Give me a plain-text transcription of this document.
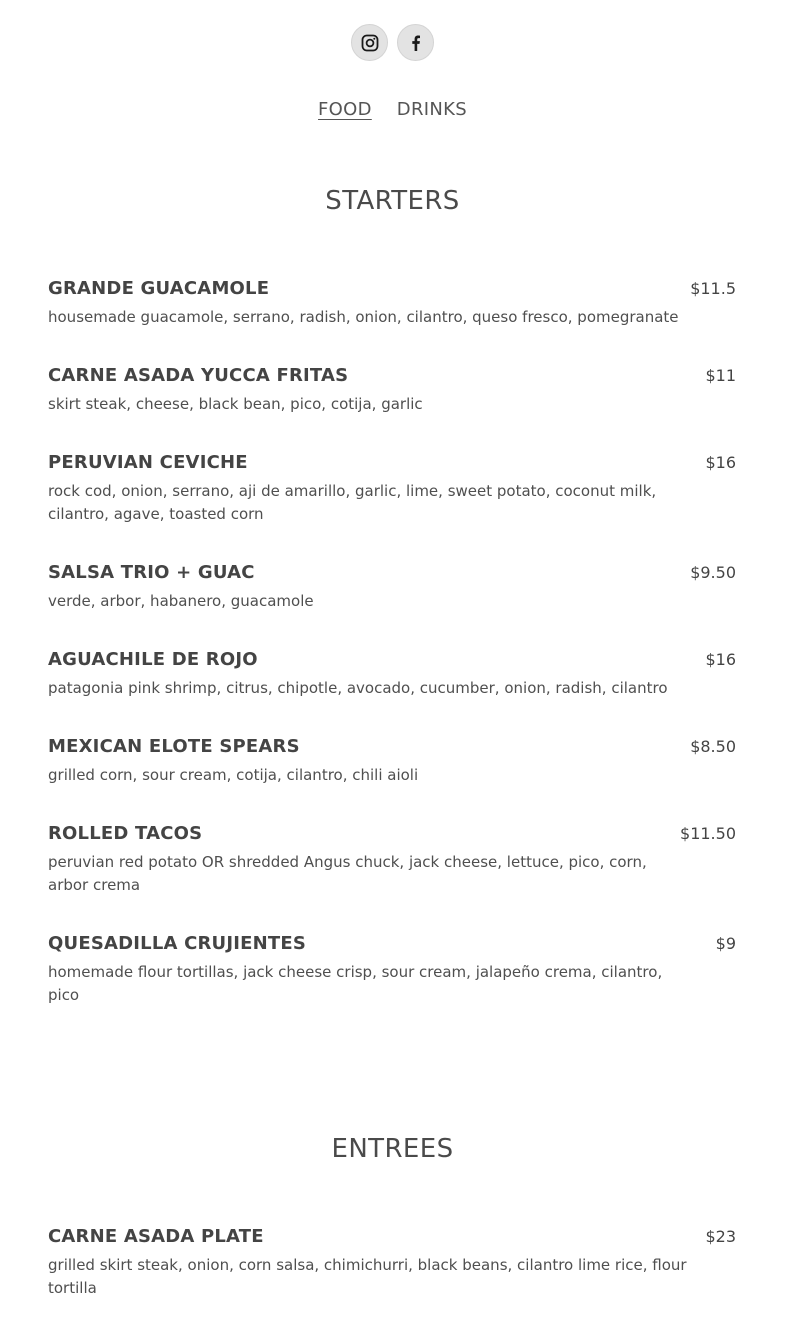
FOOD DRINKS
STARTERS
GRANDE GUACAMOLE	$11.5
housemade guacamole, serrano, radish, onion, cilantro, queso fresco, pomegranate
CARNE ASADA YUCCA FRITAS	$11
skirt steak, cheese, black bean, pico, cotija, garlic
PERUVIAN CEVICHE	$16
rock cod, onion, serrano, aji de amarillo, garlic, lime, sweet potato, coconut milk, cilantro, agave, toasted corn
SALSA TRIO + GUAC	$9.50
verde, arbor, habanero, guacamole
AGUACHILE DE ROJO	$16
patagonia pink shrimp, citrus, chipotle, avocado, cucumber, onion, radish, cilantro
MEXICAN ELOTE SPEARS	$8.50
grilled corn, sour cream, cotija, cilantro, chili aioli
ROLLED TACOS	$11.50
peruvian red potato OR shredded Angus chuck, jack cheese, lettuce, pico, corn, arbor crema
QUESADILLA CRUJIENTES	$9
homemade flour tortillas, jack cheese crisp, sour cream, jalapeño crema, cilantro, pico
ENTREES
CARNE ASADA PLATE	$23
grilled skirt steak, onion, corn salsa, chimichurri, black beans, cilantro lime rice, flour tortilla
